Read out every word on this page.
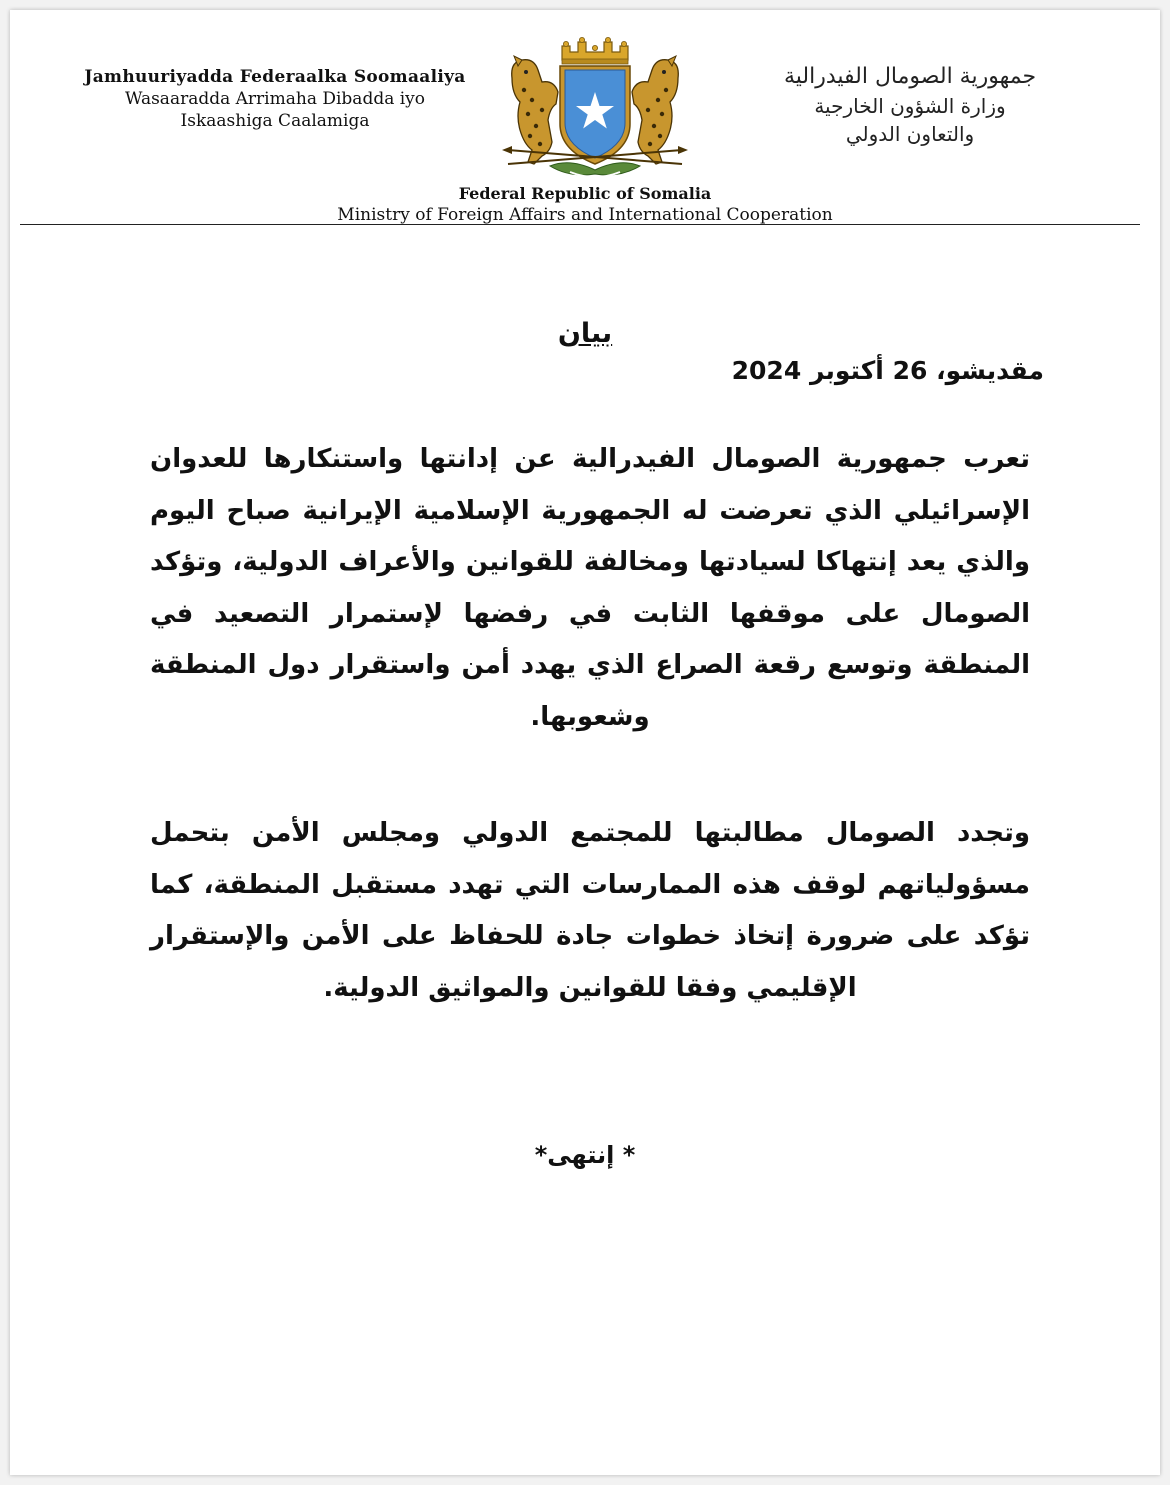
Jamhuuriyadda Federaalka Soomaaliya
Wasaaradda Arrimaha Dibadda iyo
Iskaashiga Caalamiga
جمهورية الصومال الفيدرالية
وزارة الشؤون الخارجية
والتعاون الدولي
Federal Republic of Somalia
Ministry of Foreign Affairs and International Cooperation
بيان
مقديشو، 26 أكتوبر 2024
تعرب جمهورية الصومال الفيدرالية عن إدانتها واستنكارها للعدوان الإسرائيلي الذي تعرضت له الجمهورية الإسلامية الإيرانية صباح اليوم والذي يعد إنتهاكا لسيادتها ومخالفة للقوانين والأعراف الدولية، وتؤكد الصومال على موقفها الثابت في رفضها لإستمرار التصعيد في المنطقة وتوسع رقعة الصراع الذي يهدد أمن واستقرار دول المنطقة وشعوبها.
وتجدد الصومال مطالبتها للمجتمع الدولي ومجلس الأمن بتحمل مسؤولياتهم لوقف هذه الممارسات التي تهدد مستقبل المنطقة، كما تؤكد على ضرورة إتخاذ خطوات جادة للحفاظ على الأمن والإستقرار الإقليمي وفقا للقوانين والمواثيق الدولية.
* إنتهى*
